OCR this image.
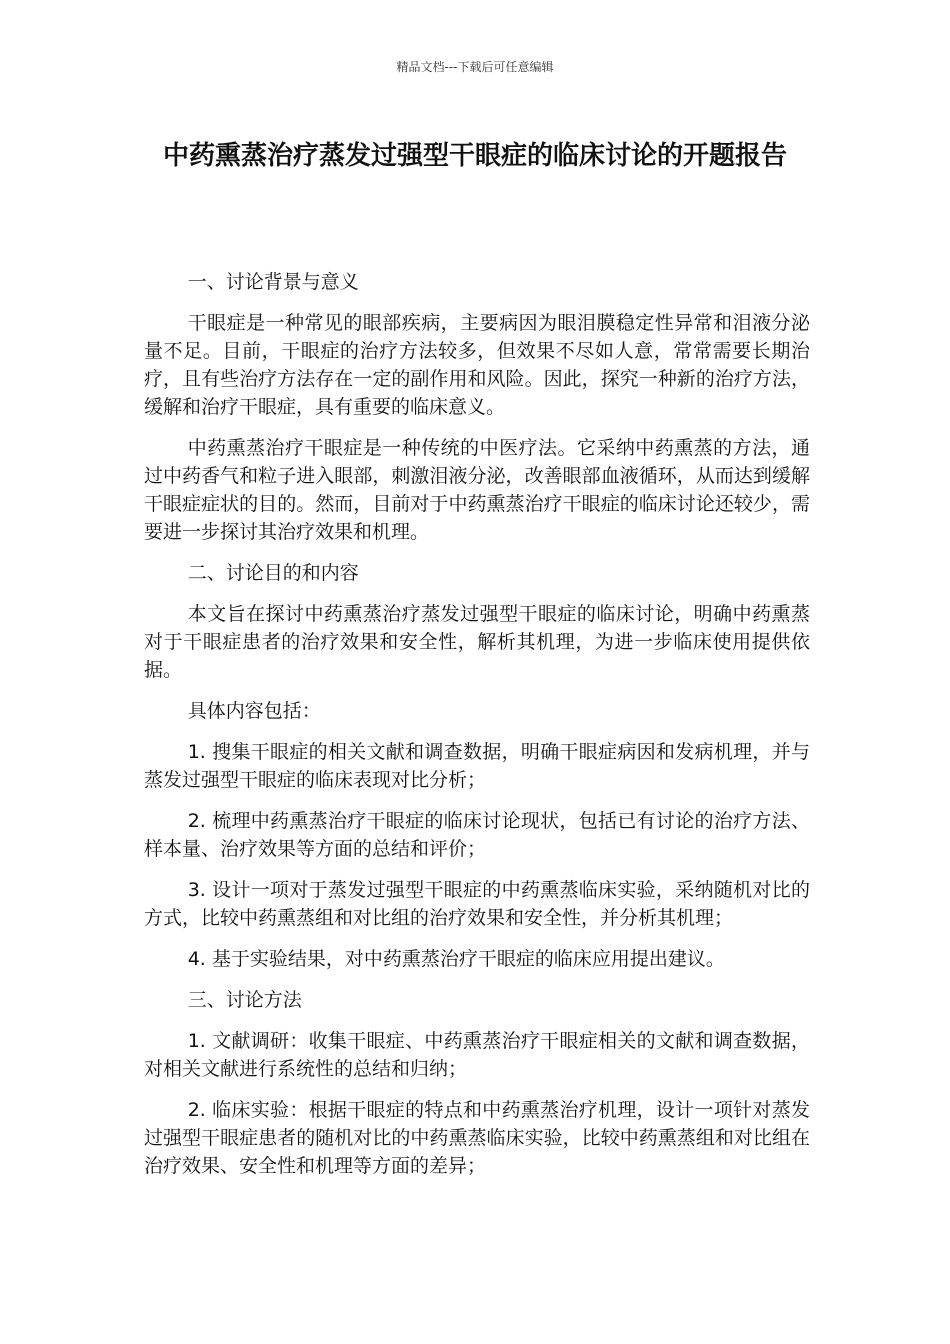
精品文档---下载后可任意编辑
中药熏蒸治疗蒸发过强型干眼症的临床讨论的开题报告

一、讨论背景与意义

干眼症是一种常见的眼部疾病，主要病因为眼泪膜稳定性异常和泪液分泌量不足。目前，干眼症的治疗方法较多，但效果不尽如人意，常常需要长期治疗，且有些治疗方法存在一定的副作用和风险。因此，探究一种新的治疗方法，缓解和治疗干眼症，具有重要的临床意义。

中药熏蒸治疗干眼症是一种传统的中医疗法。它采纳中药熏蒸的方法，通过中药香气和粒子进入眼部，刺激泪液分泌，改善眼部血液循环，从而达到缓解干眼症症状的目的。然而，目前对于中药熏蒸治疗干眼症的临床讨论还较少，需要进一步探讨其治疗效果和机理。

二、讨论目的和内容

本文旨在探讨中药熏蒸治疗蒸发过强型干眼症的临床讨论，明确中药熏蒸对于干眼症患者的治疗效果和安全性，解析其机理，为进一步临床使用提供依据。

具体内容包括：

1. 搜集干眼症的相关文献和调查数据，明确干眼症病因和发病机理，并与蒸发过强型干眼症的临床表现对比分析；

2. 梳理中药熏蒸治疗干眼症的临床讨论现状，包括已有讨论的治疗方法、样本量、治疗效果等方面的总结和评价；

3. 设计一项对于蒸发过强型干眼症的中药熏蒸临床实验，采纳随机对比的方式，比较中药熏蒸组和对比组的治疗效果和安全性，并分析其机理；

4. 基于实验结果，对中药熏蒸治疗干眼症的临床应用提出建议。

三、讨论方法

1. 文献调研：收集干眼症、中药熏蒸治疗干眼症相关的文献和调查数据，对相关文献进行系统性的总结和归纳；

2. 临床实验：根据干眼症的特点和中药熏蒸治疗机理，设计一项针对蒸发过强型干眼症患者的随机对比的中药熏蒸临床实验，比较中药熏蒸组和对比组在治疗效果、安全性和机理等方面的差异；
